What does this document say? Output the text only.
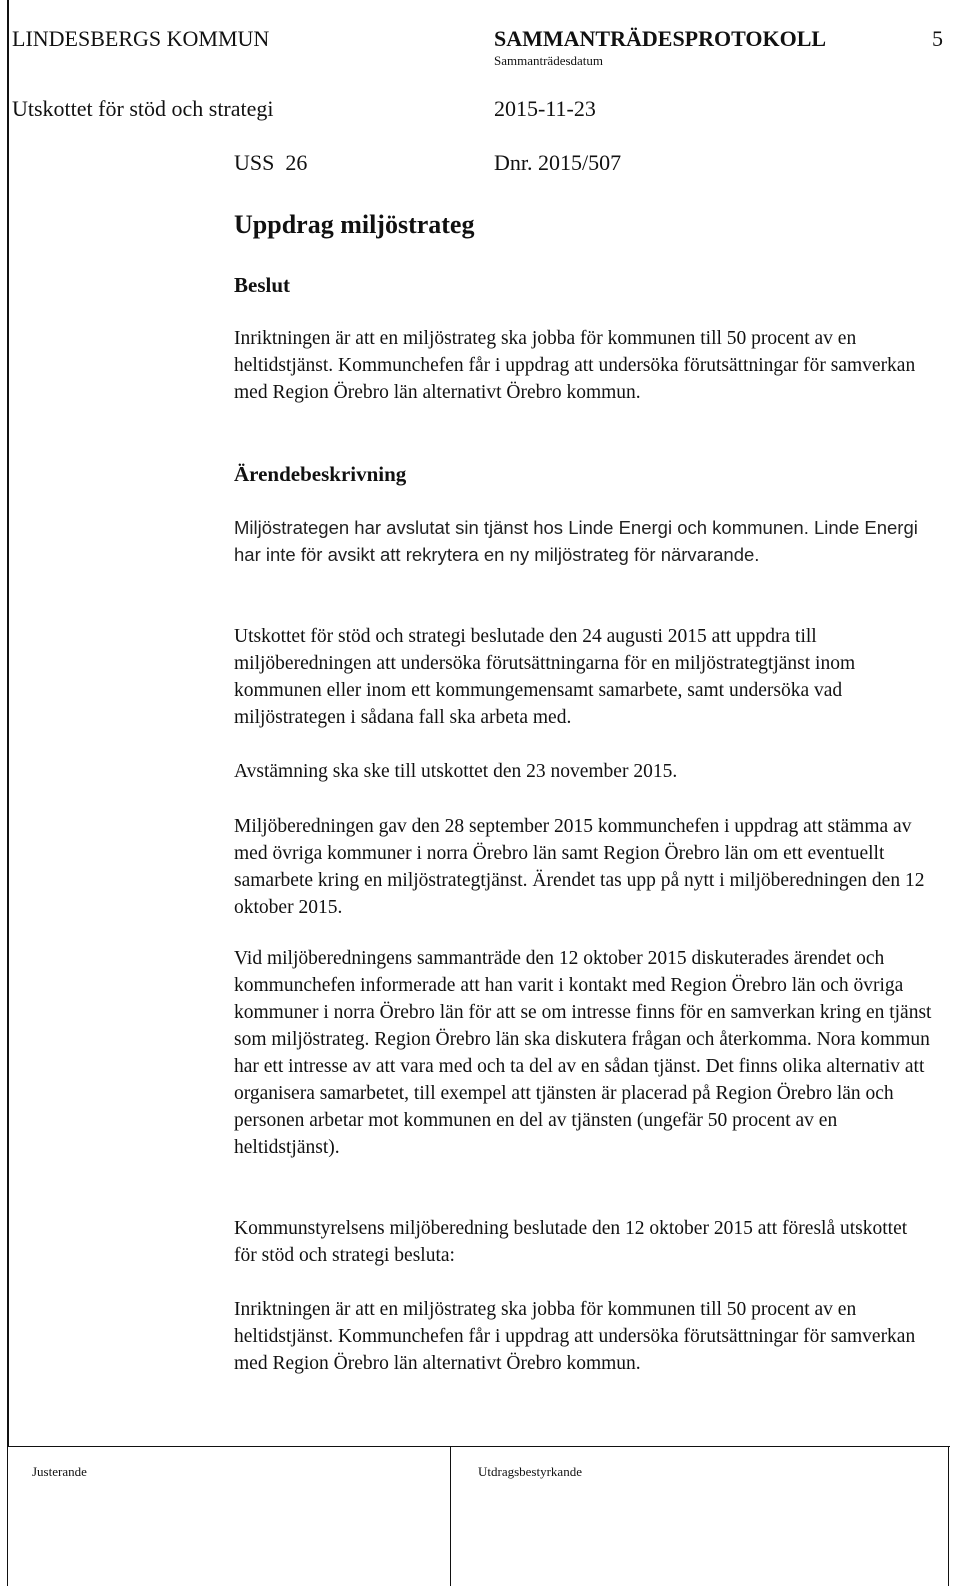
LINDESBERGS KOMMUN	SAMMANTRÄDESPROTOKOLL	5
Sammanträdesdatum
Utskottet för stöd och strategi	2015-11-23
USS  26	Dnr. 2015/507
Uppdrag miljöstrateg
Beslut
Inriktningen är att en miljöstrateg ska jobba för kommunen till 50 procent av en heltidstjänst. Kommunchefen får i uppdrag att undersöka förutsättningar för samverkan med Region Örebro län alternativt Örebro kommun.
Ärendebeskrivning
Miljöstrategen har avslutat sin tjänst hos Linde Energi och kommunen. Linde Energi har inte för avsikt att rekrytera en ny miljöstrateg för närvarande.
Utskottet för stöd och strategi beslutade den 24 augusti 2015 att uppdra till miljöberedningen att undersöka förutsättningarna för en miljöstrategtjänst inom kommunen eller inom ett kommungemensamt samarbete, samt undersöka vad miljöstrategen i sådana fall ska arbeta med.
Avstämning ska ske till utskottet den 23 november 2015.
Miljöberedningen gav den 28 september 2015 kommunchefen i uppdrag att stämma av med övriga kommuner i norra Örebro län samt Region Örebro län om ett eventuellt samarbete kring en miljöstrategtjänst. Ärendet tas upp på nytt i miljöberedningen den 12 oktober 2015.
Vid miljöberedningens sammanträde den 12 oktober 2015 diskuterades ärendet och kommunchefen informerade att han varit i kontakt med Region Örebro län och övriga kommuner i norra Örebro län för att se om intresse finns för en samverkan kring en tjänst som miljöstrateg. Region Örebro län ska diskutera frågan och återkomma. Nora kommun har ett intresse av att vara med och ta del av en sådan tjänst. Det finns olika alternativ att organisera samarbetet, till exempel att tjänsten är placerad på Region Örebro län och personen arbetar mot kommunen en del av tjänsten (ungefär 50 procent av en heltidstjänst).
Kommunstyrelsens miljöberedning beslutade den 12 oktober 2015 att föreslå utskottet för stöd och strategi besluta:
Inriktningen är att en miljöstrateg ska jobba för kommunen till 50 procent av en heltidstjänst. Kommunchefen får i uppdrag att undersöka förutsättningar för samverkan med Region Örebro län alternativt Örebro kommun.
Justerande	Utdragsbestyrkande
